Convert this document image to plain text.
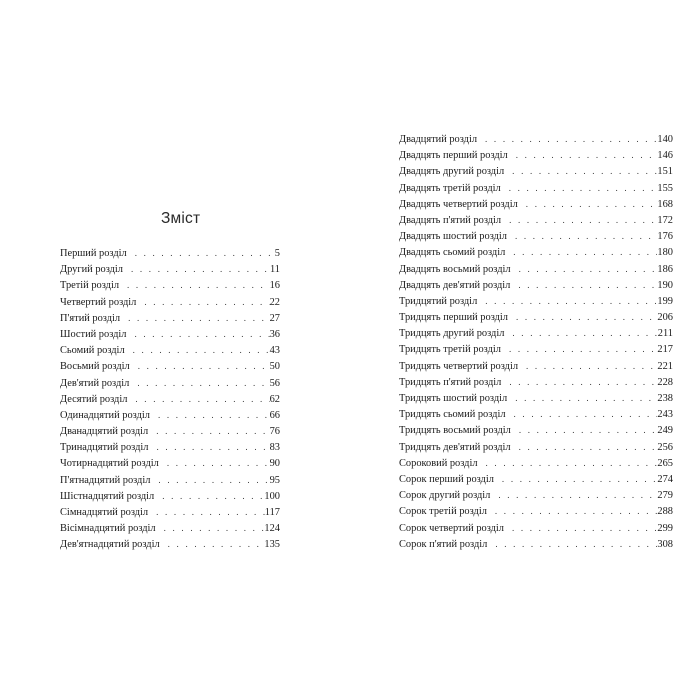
Зміст
Перший розділ . . .	5
Другий розділ . . .	11
Третій розділ . . .	16
Четвертий розділ . . .	22
П'ятий розділ . . .	27
Шостий розділ . . .	36
Сьомий розділ . . .	43
Восьмий розділ . . .	50
Дев'ятий розділ . . .	56
Десятий розділ . . .	62
Одинадцятий розділ . . .	66
Дванадцятий розділ . . .	76
Тринадцятий розділ . . .	83
Чотирнадцятий розділ . . .	90
П'ятнадцятий розділ . . .	95
Шістнадцятий розділ . . .	100
Сімнадцятий розділ . . .	117
Вісімнадцятий розділ . . .	124
Дев'ятнадцятий розділ . . .	135
Двадцятий розділ . . .	140
Двадцять перший розділ . . .	146
Двадцять другий розділ . . .	151
Двадцять третій розділ . . .	155
Двадцять четвертий розділ . . .	168
Двадцять п'ятий розділ . . .	172
Двадцять шостий розділ . . .	176
Двадцять сьомий розділ . . .	180
Двадцять восьмий розділ . . .	186
Двадцять дев'ятий розділ . . .	190
Тридцятий розділ . . .	199
Тридцять перший розділ . . .	206
Тридцять другий розділ . . .	211
Тридцять третій розділ . . .	217
Тридцять четвертий розділ . . .	221
Тридцять п'ятий розділ . . .	228
Тридцять шостий розділ . . .	238
Тридцять сьомий розділ . . .	243
Тридцять восьмий розділ . . .	249
Тридцять дев'ятий розділ . . .	256
Сороковий розділ . . .	265
Сорок перший розділ . . .	274
Сорок другий розділ . . .	279
Сорок третій розділ . . .	288
Сорок четвертий розділ . . .	299
Сорок п'ятий розділ . . .	308
